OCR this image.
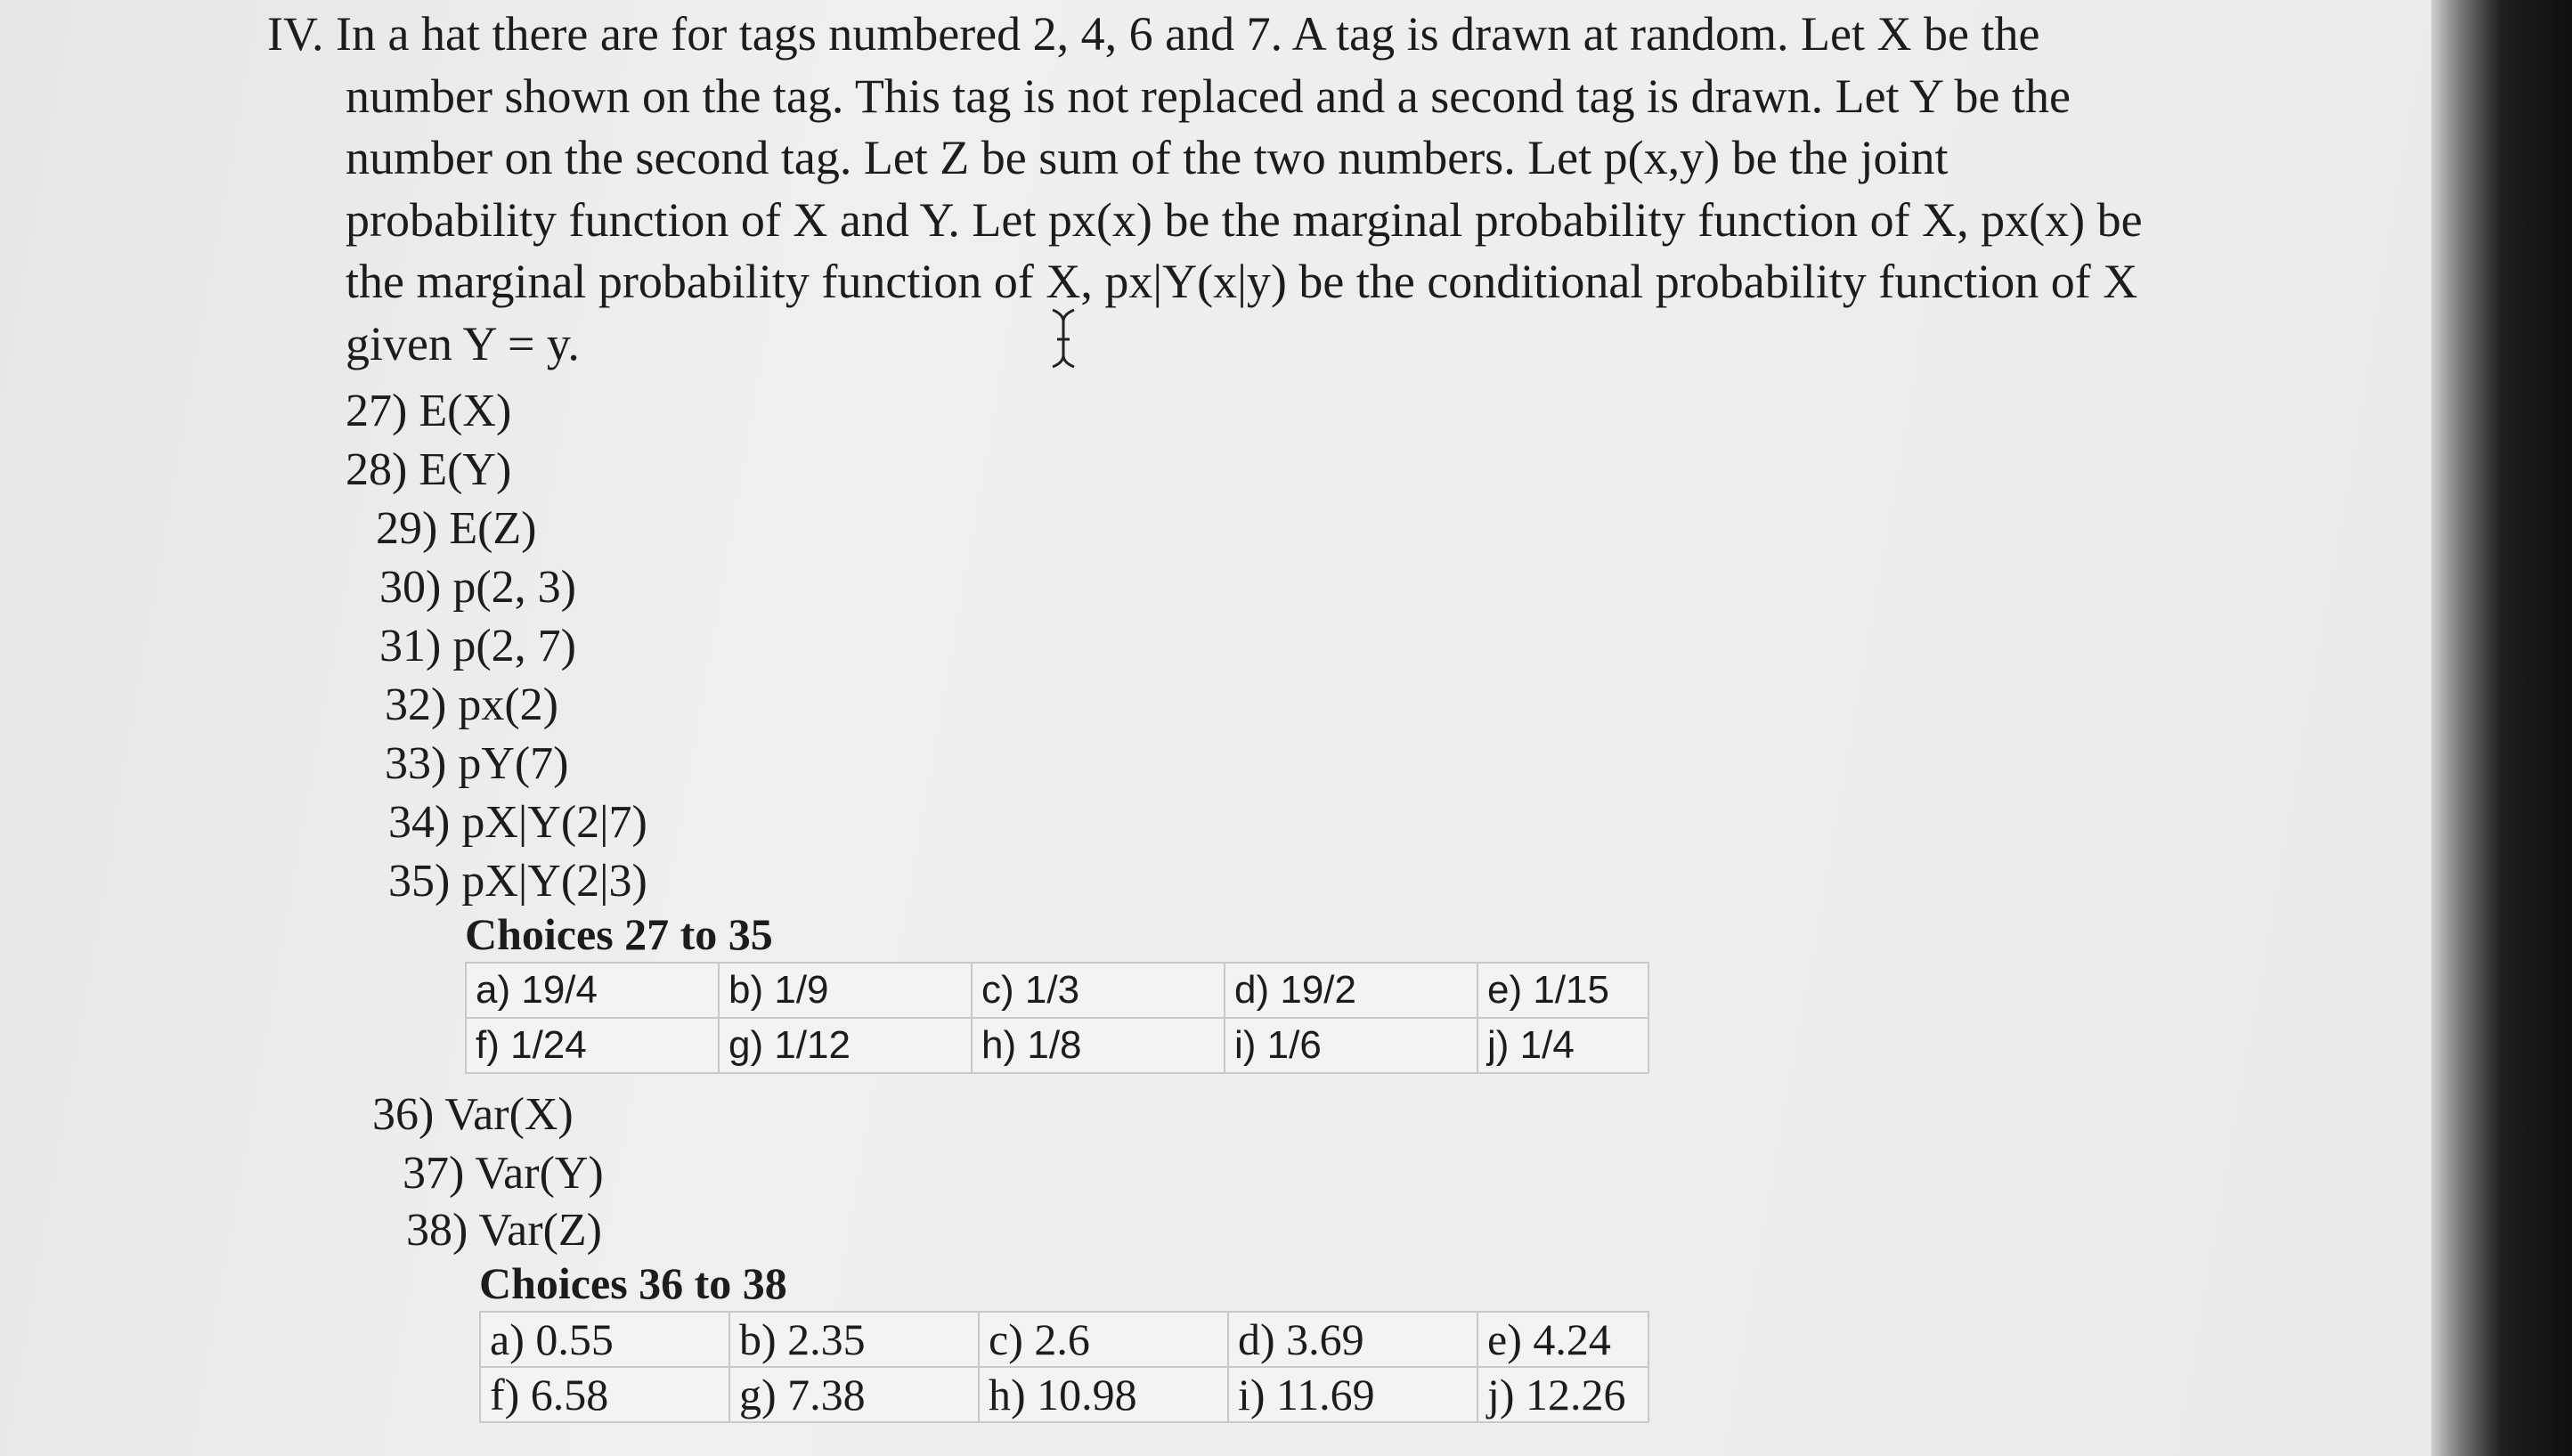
IV. In a hat there are for tags numbered 2, 4, 6 and 7. A tag is drawn at random. Let X be the
number shown on the tag. This tag is not replaced and a second tag is drawn. Let Y be the
number on the second tag. Let Z be sum of the two numbers. Let p(x,y) be the joint
probability function of X and Y. Let px(x) be the marginal probability function of X, px(x) be
the marginal probability function of X, px|Y(x|y) be the conditional probability function of X
given Y = y.
27) E(X)
28) E(Y)
29) E(Z)
30) p(2, 3)
31) p(2, 7)
32) px(2)
33) pY(7)
34) pX|Y(2|7)
35) pX|Y(2|3)
Choices 27 to 35
a) 19/4	b) 1/9	c) 1/3	d) 19/2	e) 1/15
f) 1/24	g) 1/12	h) 1/8	i) 1/6	j) 1/4
36) Var(X)
37) Var(Y)
38) Var(Z)
Choices 36 to 38
a) 0.55	b) 2.35	c) 2.6	d) 3.69	e) 4.24
f) 6.58	g) 7.38	h) 10.98	i) 11.69	j) 12.26
